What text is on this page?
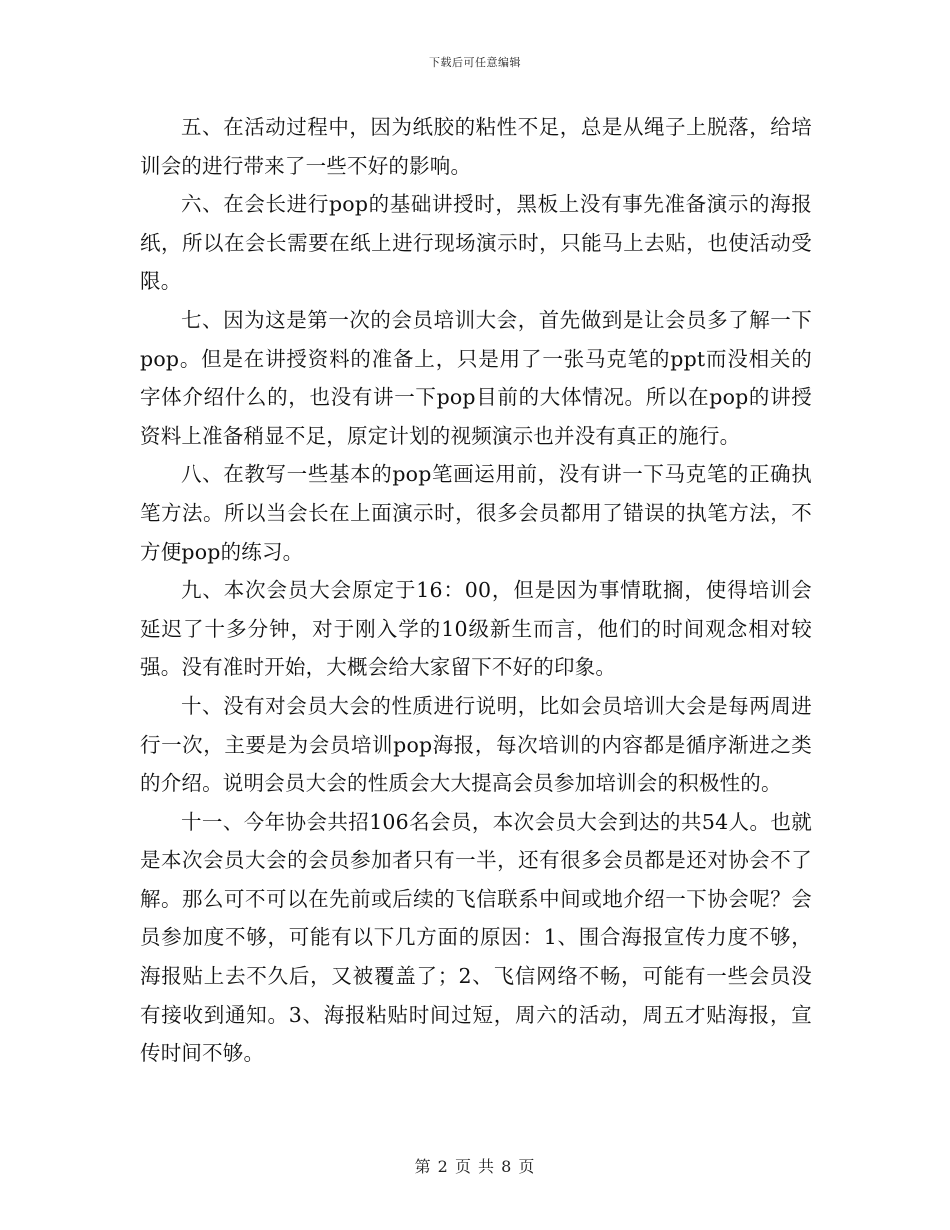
下载后可任意编辑

五、在活动过程中，因为纸胶的粘性不足，总是从绳子上脱落，给培训会的进行带来了一些不好的影响。

六、在会长进行pop的基础讲授时，黑板上没有事先准备演示的海报纸，所以在会长需要在纸上进行现场演示时，只能马上去贴，也使活动受限。

七、因为这是第一次的会员培训大会，首先做到是让会员多了解一下pop。但是在讲授资料的准备上，只是用了一张马克笔的ppt而没相关的字体介绍什么的，也没有讲一下pop目前的大体情况。所以在pop的讲授资料上准备稍显不足，原定计划的视频演示也并没有真正的施行。

八、在教写一些基本的pop笔画运用前，没有讲一下马克笔的正确执笔方法。所以当会长在上面演示时，很多会员都用了错误的执笔方法，不方便pop的练习。

九、本次会员大会原定于16：00，但是因为事情耽搁，使得培训会延迟了十多分钟，对于刚入学的10级新生而言，他们的时间观念相对较强。没有准时开始，大概会给大家留下不好的印象。

十、没有对会员大会的性质进行说明，比如会员培训大会是每两周进行一次，主要是为会员培训pop海报，每次培训的内容都是循序渐进之类的介绍。说明会员大会的性质会大大提高会员参加培训会的积极性的。

十一、今年协会共招106名会员，本次会员大会到达的共54人。也就是本次会员大会的会员参加者只有一半，还有很多会员都是还对协会不了解。那么可不可以在先前或后续的飞信联系中间或地介绍一下协会呢？会员参加度不够，可能有以下几方面的原因：1、围合海报宣传力度不够，海报贴上去不久后，又被覆盖了；2、飞信网络不畅，可能有一些会员没有接收到通知。3、海报粘贴时间过短，周六的活动，周五才贴海报，宣传时间不够。

第 2 页 共 8 页
